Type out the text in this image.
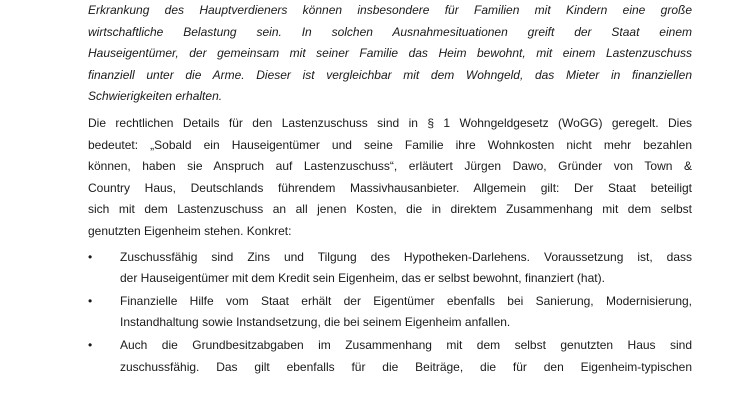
Erkrankung des Hauptverdieners können insbesondere für Familien mit Kindern eine große
wirtschaftliche Belastung sein. In solchen Ausnahmesituationen greift der Staat einem
Hauseigentümer, der gemeinsam mit seiner Familie das Heim bewohnt, mit einem Lastenzuschuss
finanziell unter die Arme. Dieser ist vergleichbar mit dem Wohngeld, das Mieter in finanziellen
Schwierigkeiten erhalten.

Die rechtlichen Details für den Lastenzuschuss sind in § 1 Wohngeldgesetz (WoGG) geregelt. Dies
bedeutet: „Sobald ein Hauseigentümer und seine Familie ihre Wohnkosten nicht mehr bezahlen
können, haben sie Anspruch auf Lastenzuschuss“, erläutert Jürgen Dawo, Gründer von Town &
Country Haus, Deutschlands führendem Massivhausanbieter. Allgemein gilt: Der Staat beteiligt
sich mit dem Lastenzuschuss an all jenen Kosten, die in direktem Zusammenhang mit dem selbst
genutzten Eigenheim stehen. Konkret:

• Zuschussfähig sind Zins und Tilgung des Hypotheken-Darlehens. Voraussetzung ist, dass
der Hauseigentümer mit dem Kredit sein Eigenheim, das er selbst bewohnt, finanziert (hat).
• Finanzielle Hilfe vom Staat erhält der Eigentümer ebenfalls bei Sanierung, Modernisierung,
Instandhaltung sowie Instandsetzung, die bei seinem Eigenheim anfallen.
• Auch die Grundbesitzabgaben im Zusammenhang mit dem selbst genutzten Haus sind
zuschussfähig. Das gilt ebenfalls für die Beiträge, die für den Eigenheim-typischen
